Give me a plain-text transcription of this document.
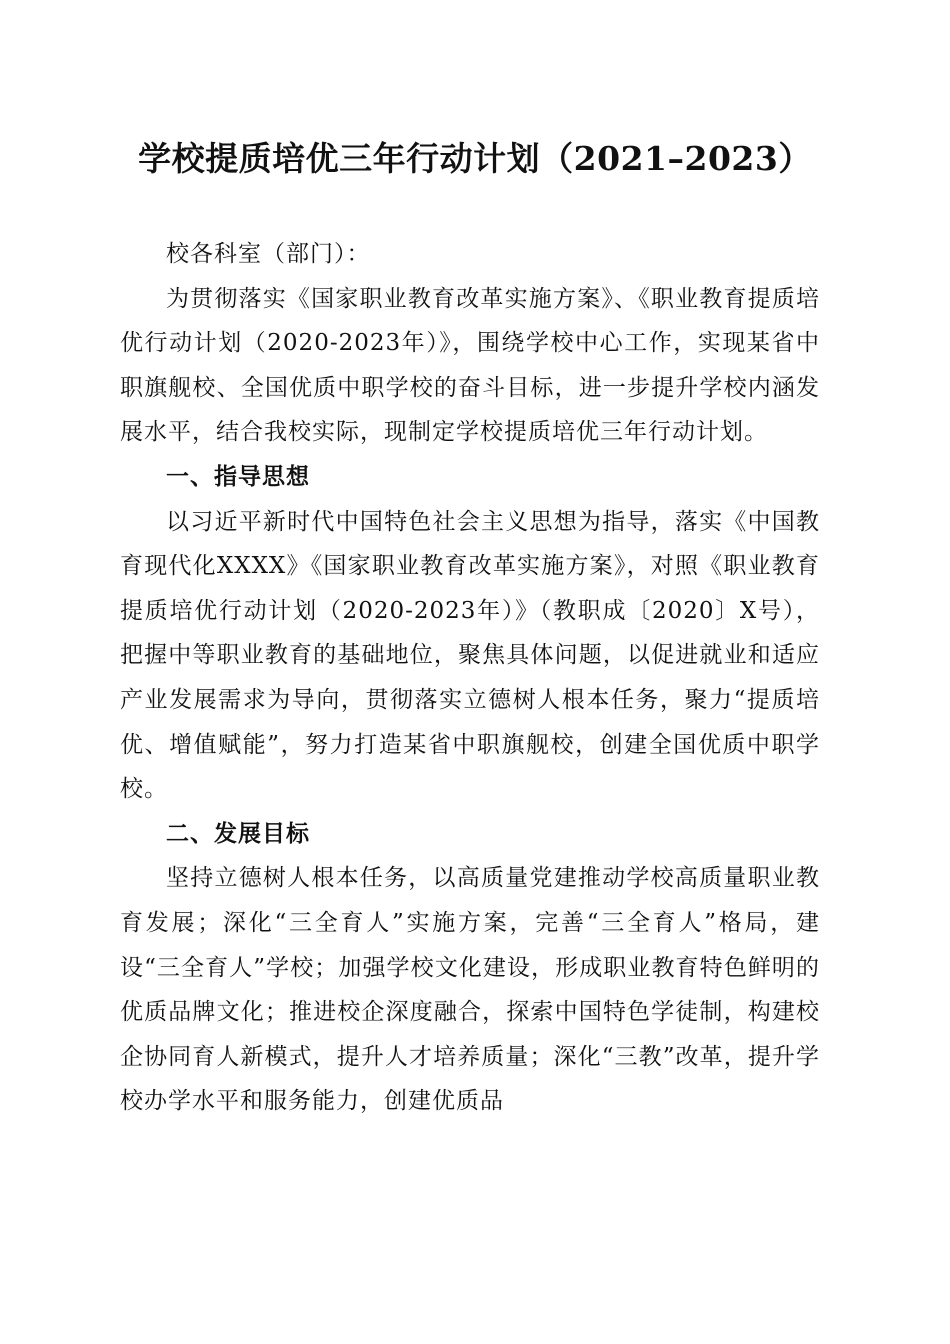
学校提质培优三年行动计划（2021–2023）

校各科室（部门）：

为贯彻落实《国家职业教育改革实施方案》、《职业教育提质培优行动计划（2020-2023年）》，围绕学校中心工作，实现某省中职旗舰校、全国优质中职学校的奋斗目标，进一步提升学校内涵发展水平，结合我校实际，现制定学校提质培优三年行动计划。

一、指导思想

以习近平新时代中国特色社会主义思想为指导，落实《中国教育现代化XXXX》《国家职业教育改革实施方案》，对照《职业教育提质培优行动计划（2020-2023年）》（教职成〔2020〕X号），把握中等职业教育的基础地位，聚焦具体问题，以促进就业和适应产业发展需求为导向，贯彻落实立德树人根本任务，聚力“提质培优、增值赋能”，努力打造某省中职旗舰校，创建全国优质中职学校。

二、发展目标

坚持立德树人根本任务，以高质量党建推动学校高质量职业教育发展；深化“三全育人”实施方案，完善“三全育人”格局，建设“三全育人”学校；加强学校文化建设，形成职业教育特色鲜明的优质品牌文化；推进校企深度融合，探索中国特色学徒制，构建校企协同育人新模式，提升人才培养质量；深化“三教”改革，提升学校办学水平和服务能力，创建优质品
